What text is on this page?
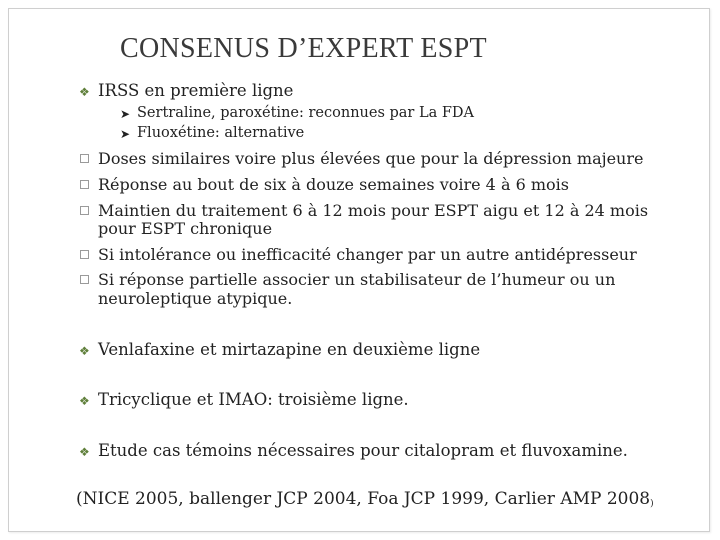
CONSENUS D’EXPERT ESPT
❖ IRSS en première ligne
➤ Sertraline, paroxétine: reconnues par La FDA
➤ Fluoxétine: alternative
Doses similaires voire plus élevées que pour la dépression majeure
Réponse au bout de six à douze semaines voire 4 à 6 mois
Maintien du traitement 6 à 12 mois pour ESPT aigu et 12 à 24 mois
pour ESPT chronique
Si intolérance ou inefficacité changer par un autre antidépresseur
Si réponse partielle associer un stabilisateur de l’humeur ou un
neuroleptique atypique.
❖ Venlafaxine et mirtazapine en deuxième ligne
❖ Tricyclique et IMAO: troisième ligne.
❖ Etude cas témoins nécessaires pour citalopram et fluvoxamine.
(NICE 2005, ballenger JCP 2004, Foa JCP 1999, Carlier AMP 2008)
